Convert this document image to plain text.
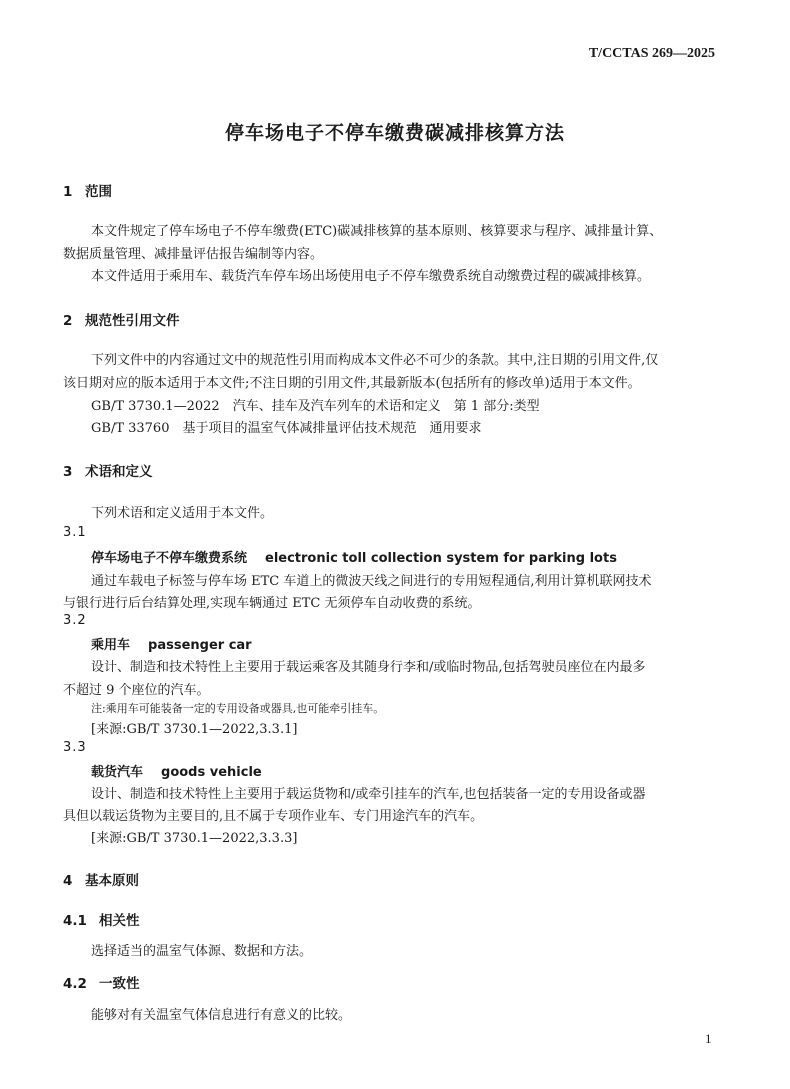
T/CCTAS 269—2025
停车场电子不停车缴费碳减排核算方法
1 范围
本文件规定了停车场电子不停车缴费(ETC)碳减排核算的基本原则、核算要求与程序、减排量计算、
数据质量管理、减排量评估报告编制等内容。
本文件适用于乘用车、载货汽车停车场出场使用电子不停车缴费系统自动缴费过程的碳减排核算。
2 规范性引用文件
下列文件中的内容通过文中的规范性引用而构成本文件必不可少的条款。其中,注日期的引用文件,仅
该日期对应的版本适用于本文件;不注日期的引用文件,其最新版本(包括所有的修改单)适用于本文件。
GB/T 3730.1—2022　汽车、挂车及汽车列车的术语和定义　第 1 部分:类型
GB/T 33760　基于项目的温室气体减排量评估技术规范　通用要求
3 术语和定义
下列术语和定义适用于本文件。
3.1
停车场电子不停车缴费系统 electronic toll collection system for parking lots
通过车载电子标签与停车场 ETC 车道上的微波天线之间进行的专用短程通信,利用计算机联网技术
与银行进行后台结算处理,实现车辆通过 ETC 无须停车自动收费的系统。
3.2
乘用车 passenger car
设计、制造和技术特性上主要用于载运乘客及其随身行李和/或临时物品,包括驾驶员座位在内最多
不超过 9 个座位的汽车。
注:乘用车可能装备一定的专用设备或器具,也可能牵引挂车。
[来源:GB/T 3730.1—2022,3.3.1]
3.3
载货汽车 goods vehicle
设计、制造和技术特性上主要用于载运货物和/或牵引挂车的汽车,也包括装备一定的专用设备或器
具但以载运货物为主要目的,且不属于专项作业车、专门用途汽车的汽车。
[来源:GB/T 3730.1—2022,3.3.3]
4 基本原则
4.1 相关性
选择适当的温室气体源、数据和方法。
4.2 一致性
能够对有关温室气体信息进行有意义的比较。
1
